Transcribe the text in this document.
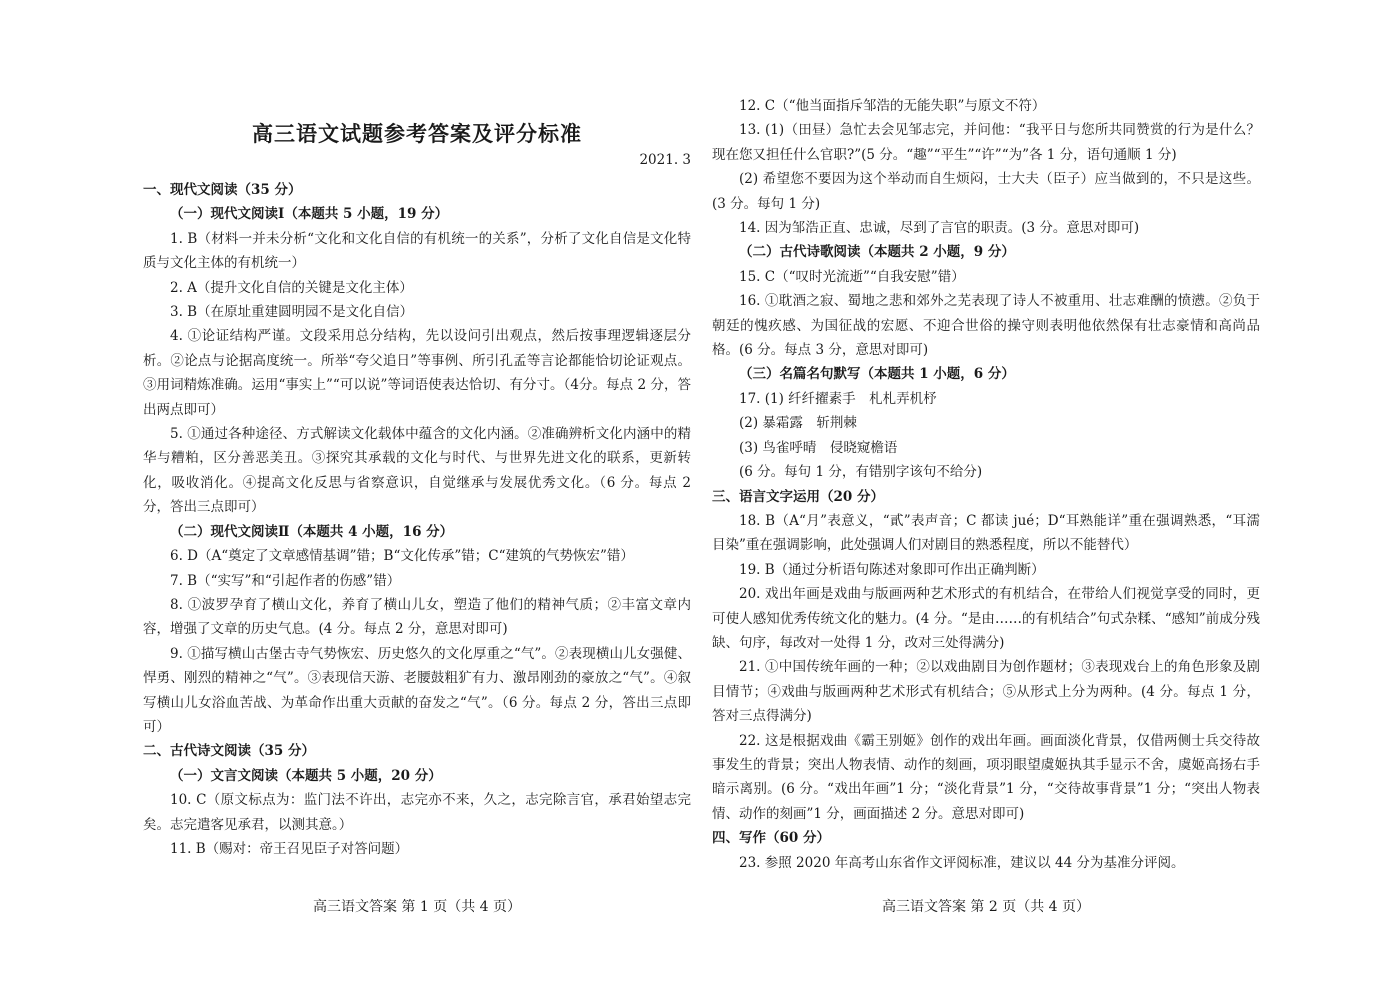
高三语文试题参考答案及评分标准
2021. 3

一、现代文阅读（35 分）

（一）现代文阅读Ⅰ（本题共 5 小题，19 分）

1. B（材料一并未分析“文化和文化自信的有机统一的关系”，分析了文化自信是文化特质与文化主体的有机统一）

2. A（提升文化自信的关键是文化主体）

3. B（在原址重建圆明园不是文化自信）

4. ①论证结构严谨。文段采用总分结构，先以设问引出观点，然后按事理逻辑逐层分析。②论点与论据高度统一。所举“夸父追日”等事例、所引孔孟等言论都能恰切论证观点。③用词精炼准确。运用“事实上”“可以说”等词语使表达恰切、有分寸。（4分。每点 2 分，答出两点即可）

5. ①通过各种途径、方式解读文化载体中蕴含的文化内涵。②准确辨析文化内涵中的精华与糟粕，区分善恶美丑。③探究其承载的文化与时代、与世界先进文化的联系，更新转化，吸收消化。④提高文化反思与省察意识，自觉继承与发展优秀文化。（6 分。每点 2 分，答出三点即可）

（二）现代文阅读Ⅱ（本题共 4 小题，16 分）

6. D（A“奠定了文章感情基调”错；B“文化传承”错；C“建筑的气势恢宏”错）

7. B（“实写”和“引起作者的伤感”错）

8. ①波罗孕育了横山文化，养育了横山儿女，塑造了他们的精神气质；②丰富文章内容，增强了文章的历史气息。(4 分。每点 2 分，意思对即可)

9. ①描写横山古堡古寺气势恢宏、历史悠久的文化厚重之“气”。②表现横山儿女强健、悍勇、刚烈的精神之“气”。③表现信天游、老腰鼓粗犷有力、激昂刚劲的豪放之“气”。④叙写横山儿女浴血苦战、为革命作出重大贡献的奋发之“气”。（6 分。每点 2 分，答出三点即可）

二、古代诗文阅读（35 分）

（一）文言文阅读（本题共 5 小题，20 分）

10. C（原文标点为：监门法不许出，志完亦不来，久之，志完除言官，承君始望志完矣。志完遣客见承君，以测其意。）

11. B（赐对：帝王召见臣子对答问题）

高三语文答案 第 1 页（共 4 页）

12. C（“他当面指斥邹浩的无能失职”与原文不符）

13. (1)（田昼）急忙去会见邹志完，并问他：“我平日与您所共同赞赏的行为是什么？现在您又担任什么官职?”(5 分。“趣”“平生”“许”“为”各 1 分，语句通顺 1 分)

(2) 希望您不要因为这个举动而自生烦闷，士大夫（臣子）应当做到的，不只是这些。(3 分。每句 1 分)

14. 因为邹浩正直、忠诚，尽到了言官的职责。(3 分。意思对即可)

（二）古代诗歌阅读（本题共 2 小题，9 分）

15. C（“叹时光流逝”“自我安慰”错）

16. ①耽酒之寂、蜀地之悲和郊外之芜表现了诗人不被重用、壮志难酬的愤懑。②负于朝廷的愧疚感、为国征战的宏愿、不迎合世俗的操守则表明他依然保有壮志豪情和高尚品格。(6 分。每点 3 分，意思对即可)

（三）名篇名句默写（本题共 1 小题，6 分）

17. (1) 纤纤擢素手　札札弄机杼

(2) 暴霜露　斩荆棘

(3) 鸟雀呼晴　侵晓窥檐语

(6 分。每句 1 分，有错别字该句不给分)

三、语言文字运用（20 分）

18. B（A“月”表意义，“貳”表声音；C 都读 jué；D“耳熟能详”重在强调熟悉，“耳濡目染”重在强调影响，此处强调人们对剧目的熟悉程度，所以不能替代）

19. B（通过分析语句陈述对象即可作出正确判断）

20. 戏出年画是戏曲与版画两种艺术形式的有机结合，在带给人们视觉享受的同时，更可使人感知优秀传统文化的魅力。(4 分。“是由……的有机结合”句式杂糅、“感知”前成分残缺、句序，每改对一处得 1 分，改对三处得满分)

21. ①中国传统年画的一种；②以戏曲剧目为创作题材；③表现戏台上的角色形象及剧目情节；④戏曲与版画两种艺术形式有机结合；⑤从形式上分为两种。(4 分。每点 1 分，答对三点得满分)

22. 这是根据戏曲《霸王别姬》创作的戏出年画。画面淡化背景，仅借两侧士兵交待故事发生的背景；突出人物表情、动作的刻画，项羽眼望虞姬执其手显示不舍，虞姬高扬右手暗示离别。(6 分。“戏出年画”1 分；“淡化背景”1 分，“交待故事背景”1 分；“突出人物表情、动作的刻画”1 分，画面描述 2 分。意思对即可)

四、写作（60 分）

23. 参照 2020 年高考山东省作文评阅标准，建议以 44 分为基准分评阅。

高三语文答案 第 2 页（共 4 页）
